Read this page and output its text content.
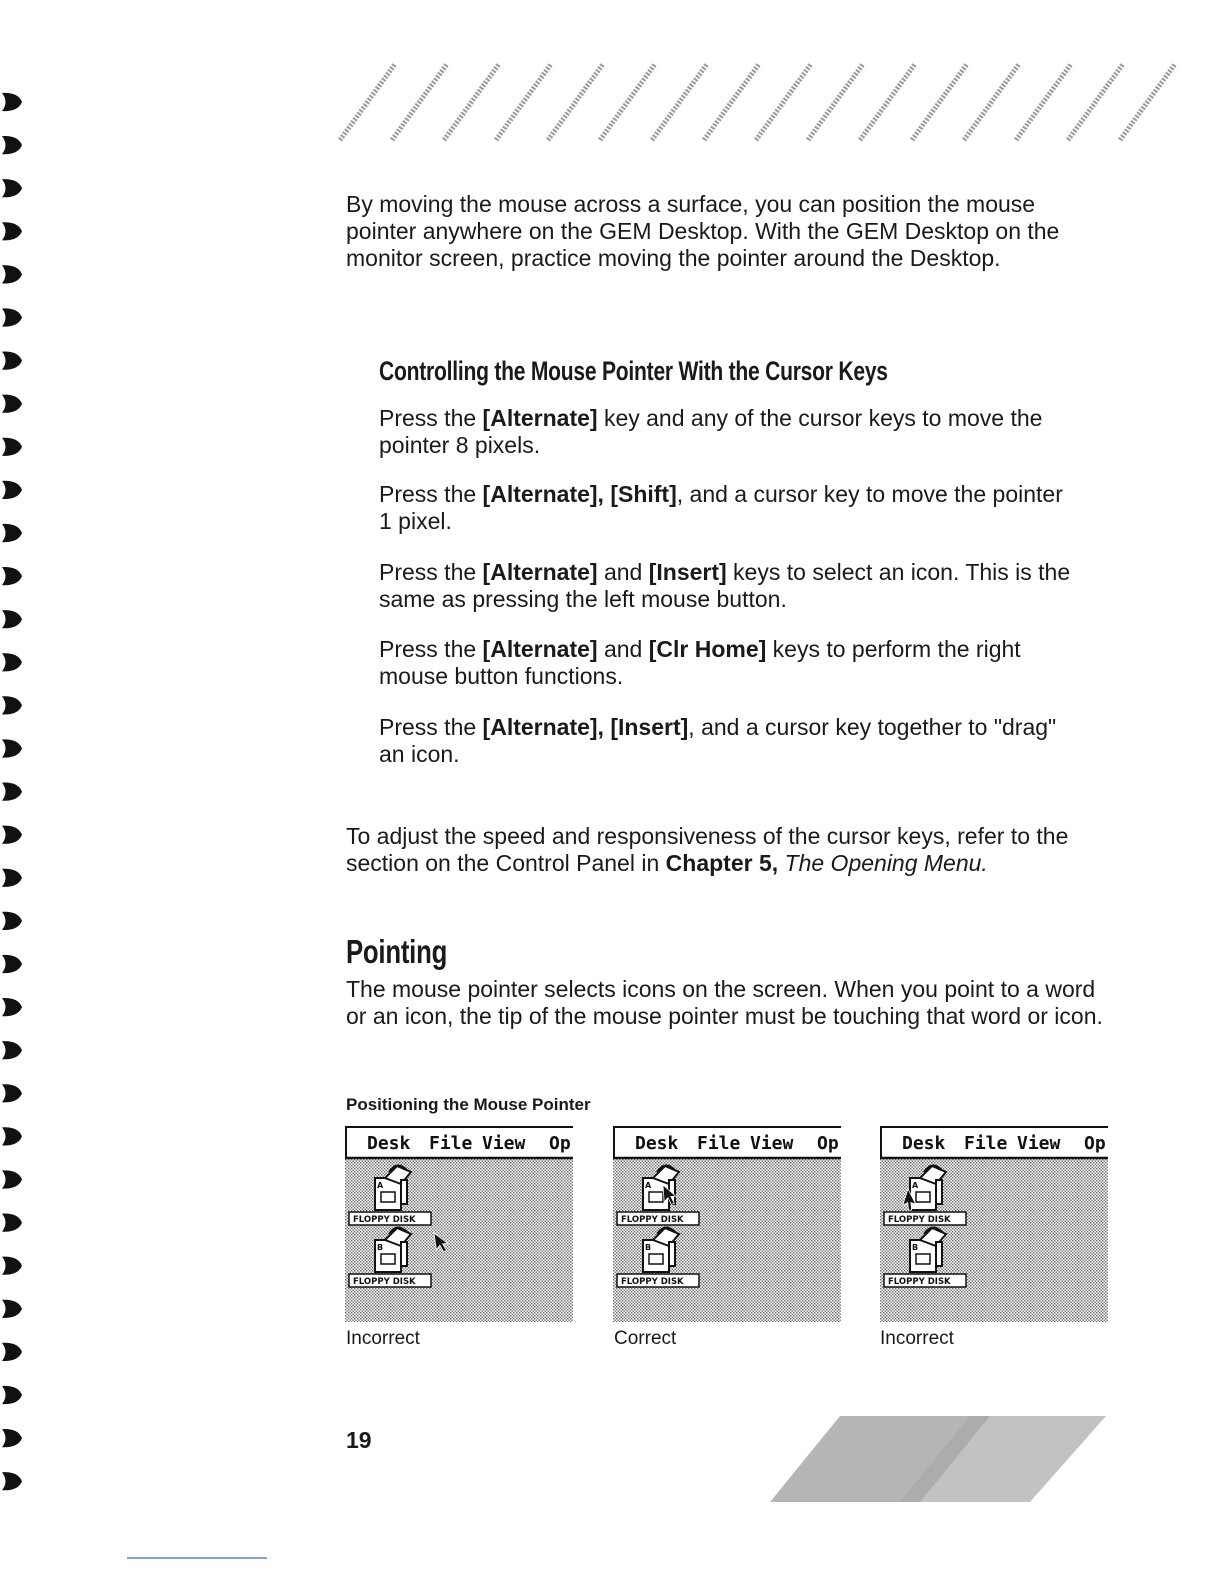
By moving the mouse across a surface, you can position the mouse pointer anywhere on the GEM Desktop. With the GEM Desktop on the monitor screen, practice moving the pointer around the Desktop.

Controlling the Mouse Pointer With the Cursor Keys

Press the [Alternate] key and any of the cursor keys to move the pointer 8 pixels.

Press the [Alternate], [Shift], and a cursor key to move the pointer 1 pixel.

Press the [Alternate] and [Insert] keys to select an icon. This is the same as pressing the left mouse button.

Press the [Alternate] and [Clr Home] keys to perform the right mouse button functions.

Press the [Alternate], [Insert], and a cursor key together to "drag" an icon.

To adjust the speed and responsiveness of the cursor keys, refer to the section on the Control Panel in Chapter 5, The Opening Menu.

Pointing

The mouse pointer selects icons on the screen. When you point to a word or an icon, the tip of the mouse pointer must be touching that word or icon.

Positioning the Mouse Pointer

Desk File View Op
A
FLOPPY DISK
B
FLOPPY DISK
Desk File View Op
A
FLOPPY DISK
B
FLOPPY DISK
Desk File View Op
A
FLOPPY DISK
B
FLOPPY DISK

Incorrect	Correct	Incorrect

19
